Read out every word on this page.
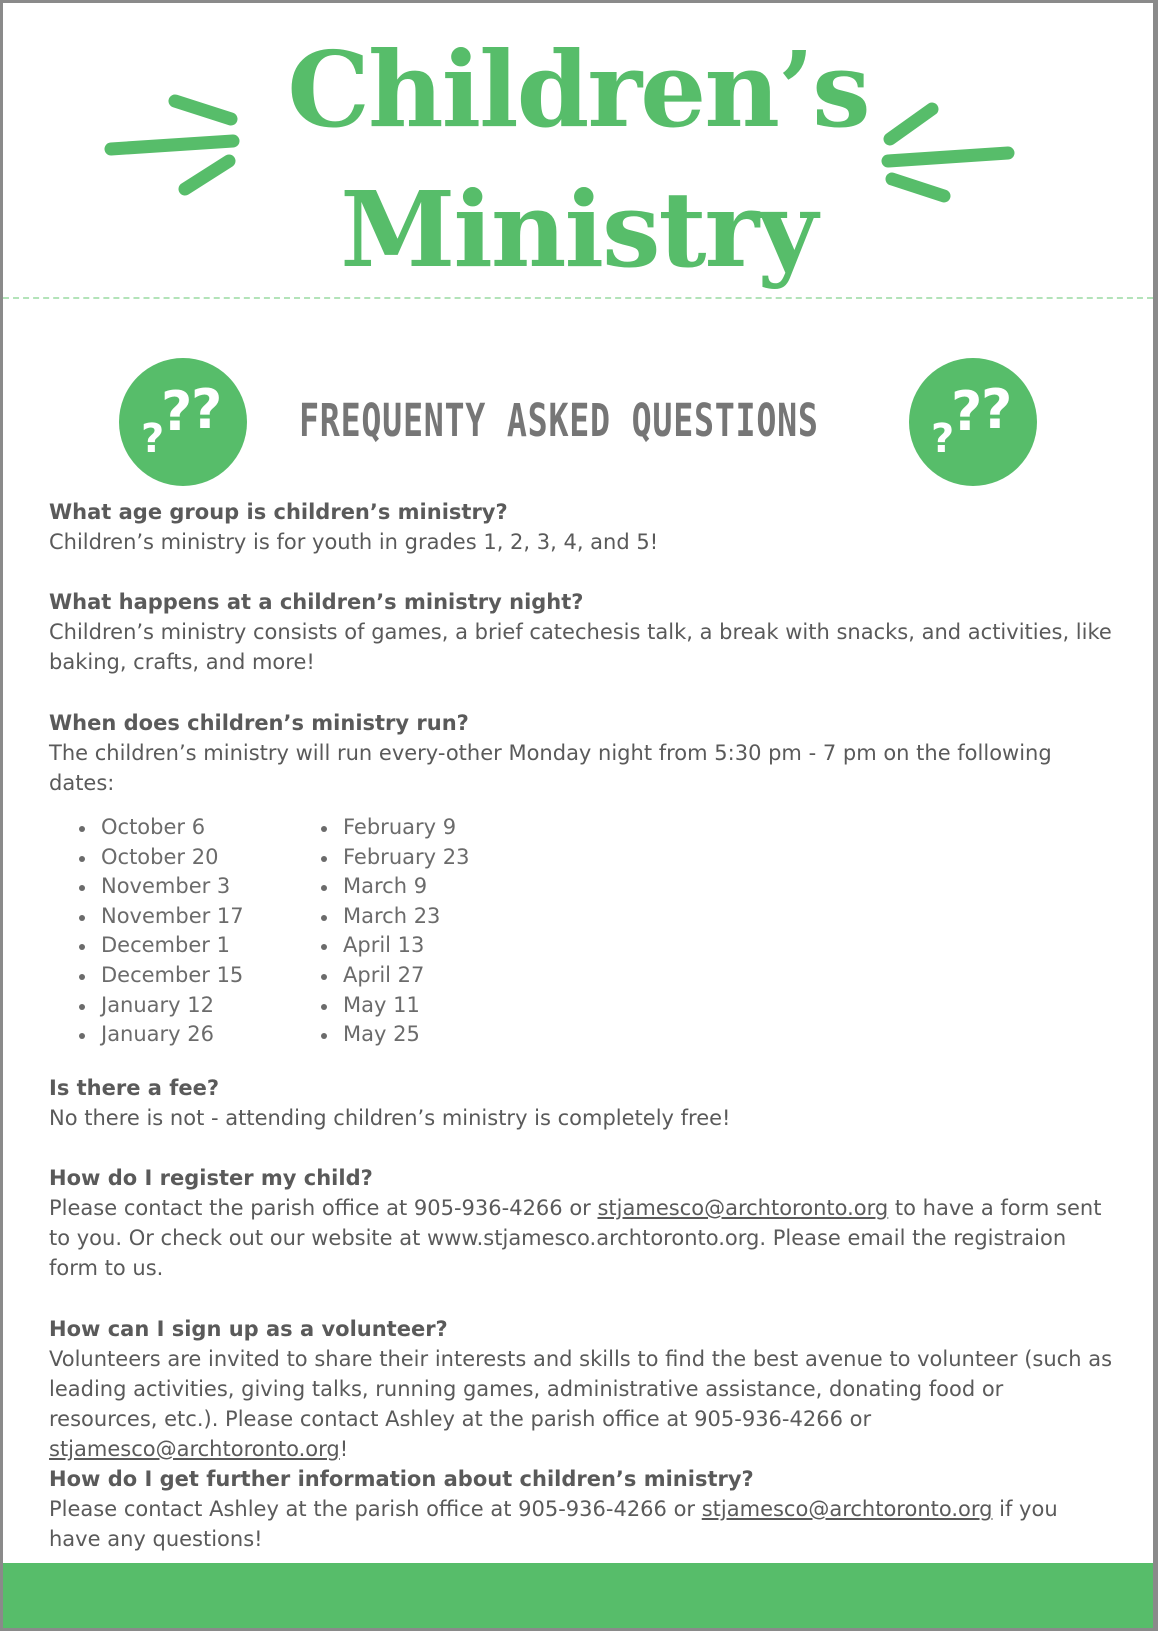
Children’s
Ministry
?
?
?	?
?
?
FREQUENTY ASKED QUESTIONS
What age group is children’s ministry?
Children’s ministry is for youth in grades 1, 2, 3, 4, and 5!
What happens at a children’s ministry night?
Children’s ministry consists of games, a brief catechesis talk, a break with snacks, and activities, like baking, crafts, and more!
When does children’s ministry run?
The children’s ministry will run every-other Monday night from 5:30 pm - 7 pm on the following dates:
October 6
October 20
November 3
November 17
December 1
December 15
January 12
January 26
February 9
February 23
March 9
March 23
April 13
April 27
May 11
May 25
Is there a fee?
No there is not - attending children’s ministry is completely free!
How do I register my child?
Please contact the parish office at 905-936-4266 or stjamesco@archtoronto.org to have a form sent to you. Or check out our website at www.stjamesco.archtoronto.org. Please email the registraion form to us.
How can I sign up as a volunteer?
Volunteers are invited to share their interests and skills to find the best avenue to volunteer (such as leading activities, giving talks, running games, administrative assistance, donating food or resources, etc.). Please contact Ashley at the parish office at 905-936-4266 or stjamesco@archtoronto.org!
How do I get further information about children’s ministry?
Please contact Ashley at the parish office at 905-936-4266 or stjamesco@archtoronto.org if you have any questions!
